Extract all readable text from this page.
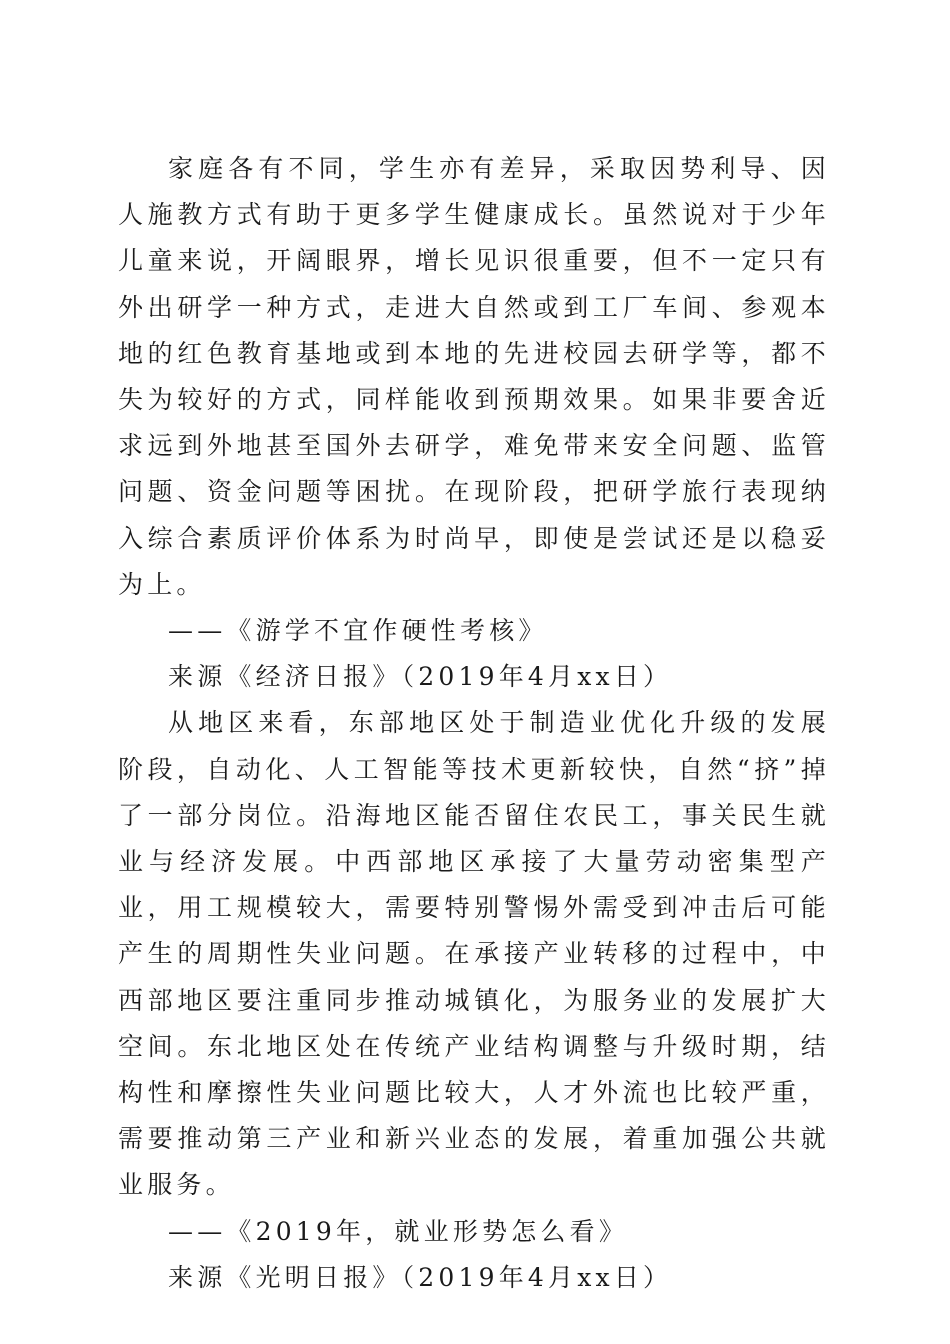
家庭各有不同，学生亦有差异，采取因势利导、因人施教方式有助于更多学生健康成长。虽然说对于少年儿童来说，开阔眼界，增长见识很重要，但不一定只有外出研学一种方式，走进大自然或到工厂车间、参观本地的红色教育基地或到本地的先进校园去研学等，都不失为较好的方式，同样能收到预期效果。如果非要舍近求远到外地甚至国外去研学，难免带来安全问题、监管问题、资金问题等困扰。在现阶段，把研学旅行表现纳入综合素质评价体系为时尚早，即使是尝试还是以稳妥为上。

——《游学不宜作硬性考核》

来源《经济日报》（2019年4月xx日）

从地区来看，东部地区处于制造业优化升级的发展阶段，自动化、人工智能等技术更新较快，自然“挤”掉了一部分岗位。沿海地区能否留住农民工，事关民生就业与经济发展。中西部地区承接了大量劳动密集型产业，用工规模较大，需要特别警惕外需受到冲击后可能产生的周期性失业问题。在承接产业转移的过程中，中西部地区要注重同步推动城镇化，为服务业的发展扩大空间。东北地区处在传统产业结构调整与升级时期，结构性和摩擦性失业问题比较大，人才外流也比较严重，需要推动第三产业和新兴业态的发展，着重加强公共就业服务。

——《2019年，就业形势怎么看》

来源《光明日报》（2019年4月xx日）
